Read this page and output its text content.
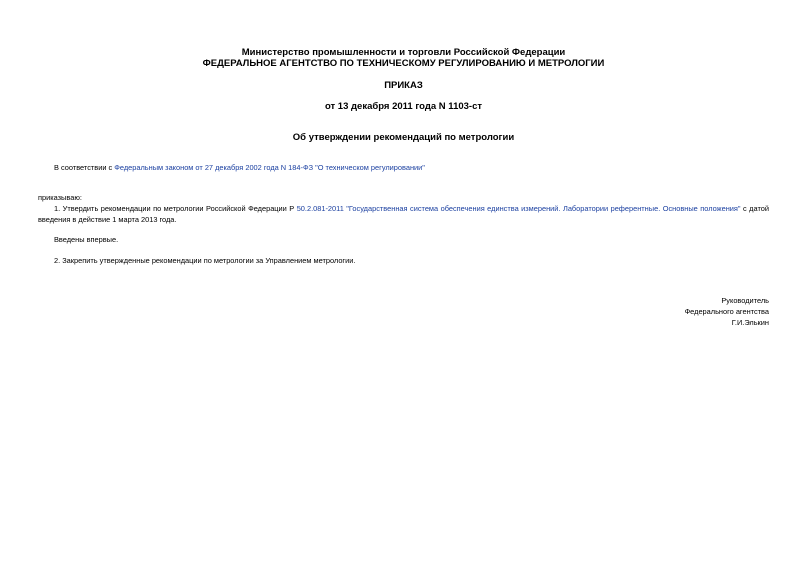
Министерство промышленности и торговли Российской Федерации
ФЕДЕРАЛЬНОЕ АГЕНТСТВО ПО ТЕХНИЧЕСКОМУ РЕГУЛИРОВАНИЮ И МЕТРОЛОГИИ
ПРИКАЗ
от 13 декабря 2011 года N 1103-ст
Об утверждении рекомендаций по метрологии
В соответствии с Федеральным законом от 27 декабря 2002 года N 184-ФЗ "О техническом регулировании"
приказываю:
1. Утвердить рекомендации по метрологии Российской Федерации Р 50.2.081-2011 "Государственная система обеспечения единства измерений. Лаборатории референтные. Основные положения" с датой введения в действие 1 марта 2013 года.
Введены впервые.
2. Закрепить утвержденные рекомендации по метрологии за Управлением метрологии.
Руководитель
Федерального агентства
Г.И.Элькин
